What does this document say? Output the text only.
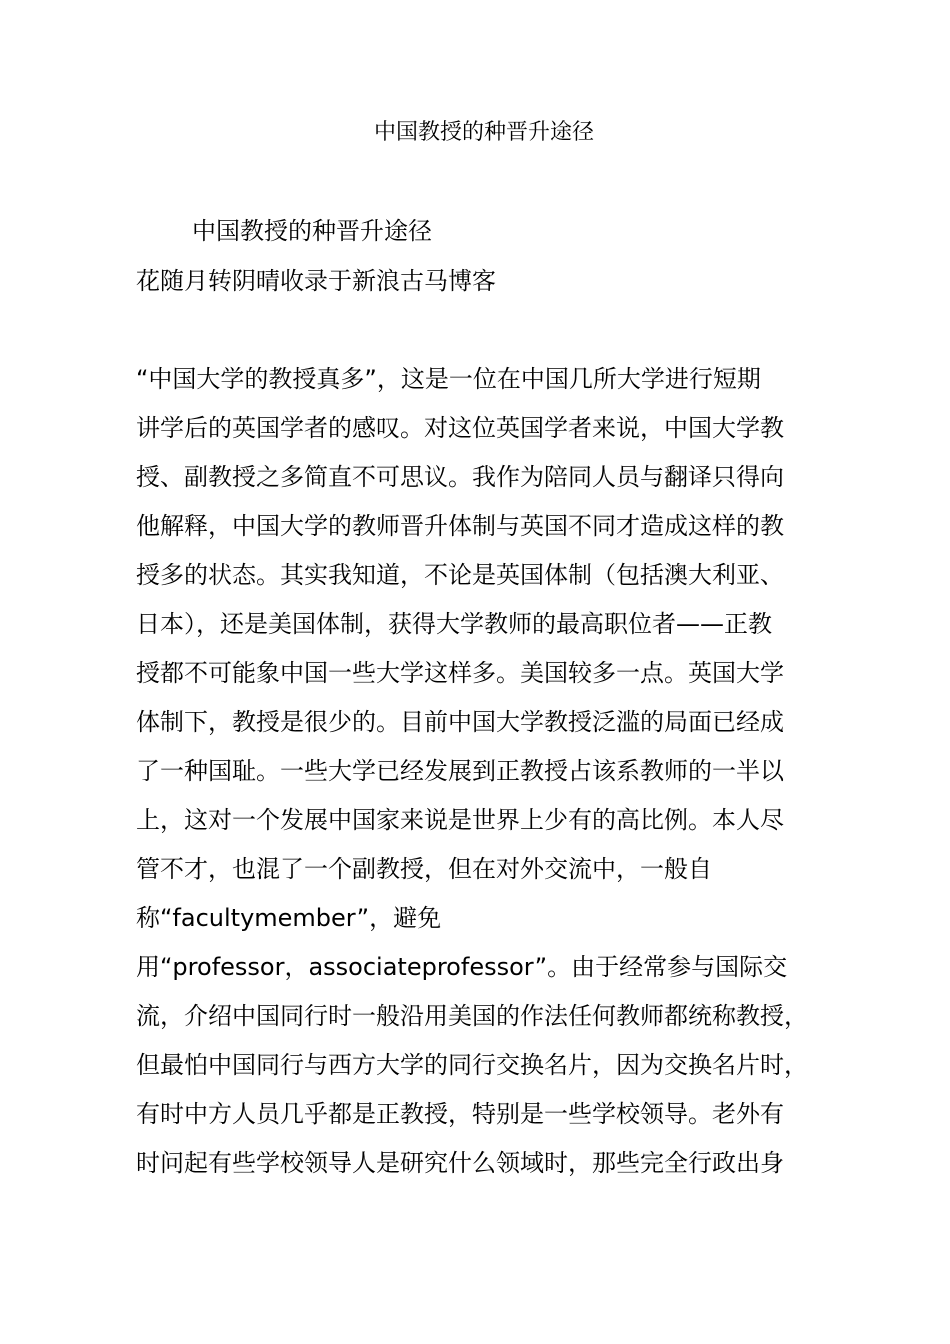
中国教授的种晋升途径
中国教授的种晋升途径
花随月转阴晴收录于新浪古马博客
“中国大学的教授真多”，这是一位在中国几所大学进行短期
讲学后的英国学者的感叹。对这位英国学者来说，中国大学教
授、副教授之多简直不可思议。我作为陪同人员与翻译只得向
他解释，中国大学的教师晋升体制与英国不同才造成这样的教
授多的状态。其实我知道，不论是英国体制（包括澳大利亚、
日本），还是美国体制，获得大学教师的最高职位者——正教
授都不可能象中国一些大学这样多。美国较多一点。英国大学
体制下，教授是很少的。目前中国大学教授泛滥的局面已经成
了一种国耻。一些大学已经发展到正教授占该系教师的一半以
上，这对一个发展中国家来说是世界上少有的高比例。本人尽
管不才，也混了一个副教授，但在对外交流中，一般自
称“facultymember”，避免
用“professor，associateprofessor”。由于经常参与国际交
流，介绍中国同行时一般沿用美国的作法任何教师都统称教授，
但最怕中国同行与西方大学的同行交换名片，因为交换名片时，
有时中方人员几乎都是正教授，特别是一些学校领导。老外有
时问起有些学校领导人是研究什么领域时，那些完全行政出身
